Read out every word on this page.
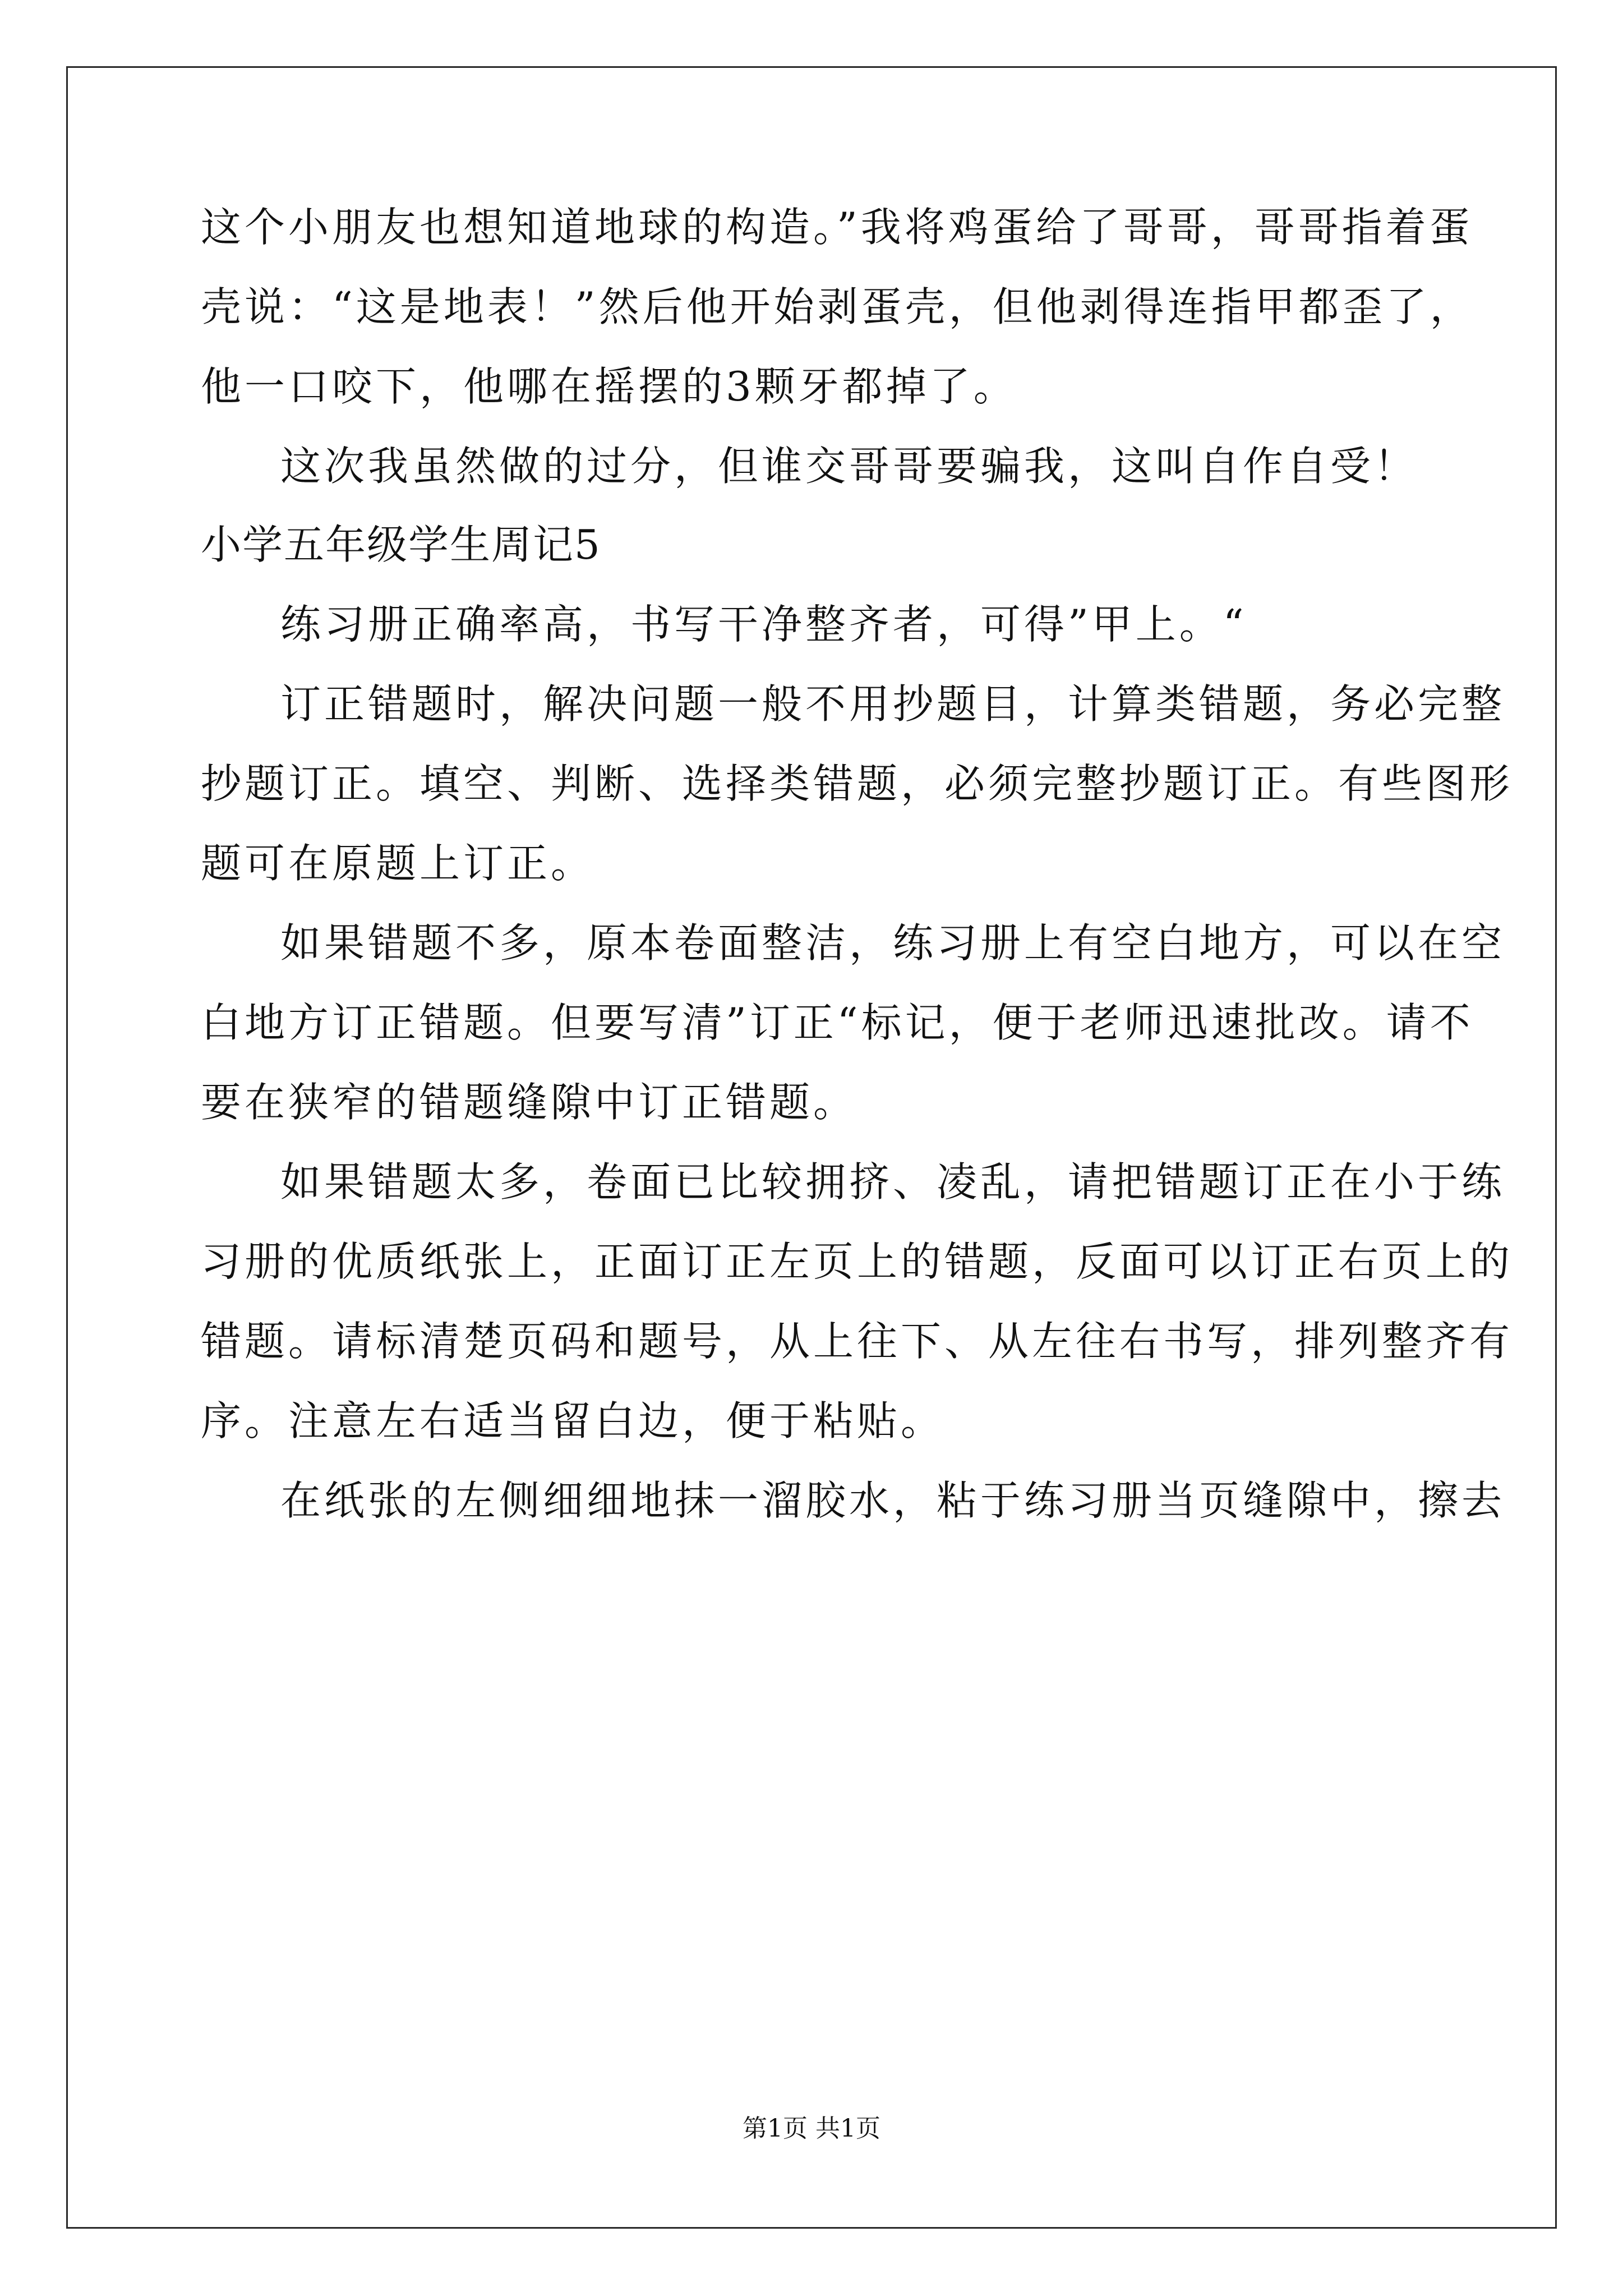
这个小朋友也想知道地球的构造。”我将鸡蛋给了哥哥，哥哥指着蛋
壳说：“这是地表！”然后他开始剥蛋壳，但他剥得连指甲都歪了，
他一口咬下，他哪在摇摆的3颗牙都掉了。
这次我虽然做的过分，但谁交哥哥要骗我，这叫自作自受！
小学五年级学生周记5
练习册正确率高，书写干净整齐者，可得”甲上。“
订正错题时，解决问题一般不用抄题目，计算类错题，务必完整
抄题订正。填空、判断、选择类错题，必须完整抄题订正。有些图形
题可在原题上订正。
如果错题不多，原本卷面整洁，练习册上有空白地方，可以在空
白地方订正错题。但要写清”订正“标记，便于老师迅速批改。请不
要在狭窄的错题缝隙中订正错题。
如果错题太多，卷面已比较拥挤、凌乱，请把错题订正在小于练
习册的优质纸张上，正面订正左页上的错题，反面可以订正右页上的
错题。请标清楚页码和题号，从上往下、从左往右书写，排列整齐有
序。注意左右适当留白边，便于粘贴。
在纸张的左侧细细地抹一溜胶水，粘于练习册当页缝隙中，擦去
第1页 共1页
